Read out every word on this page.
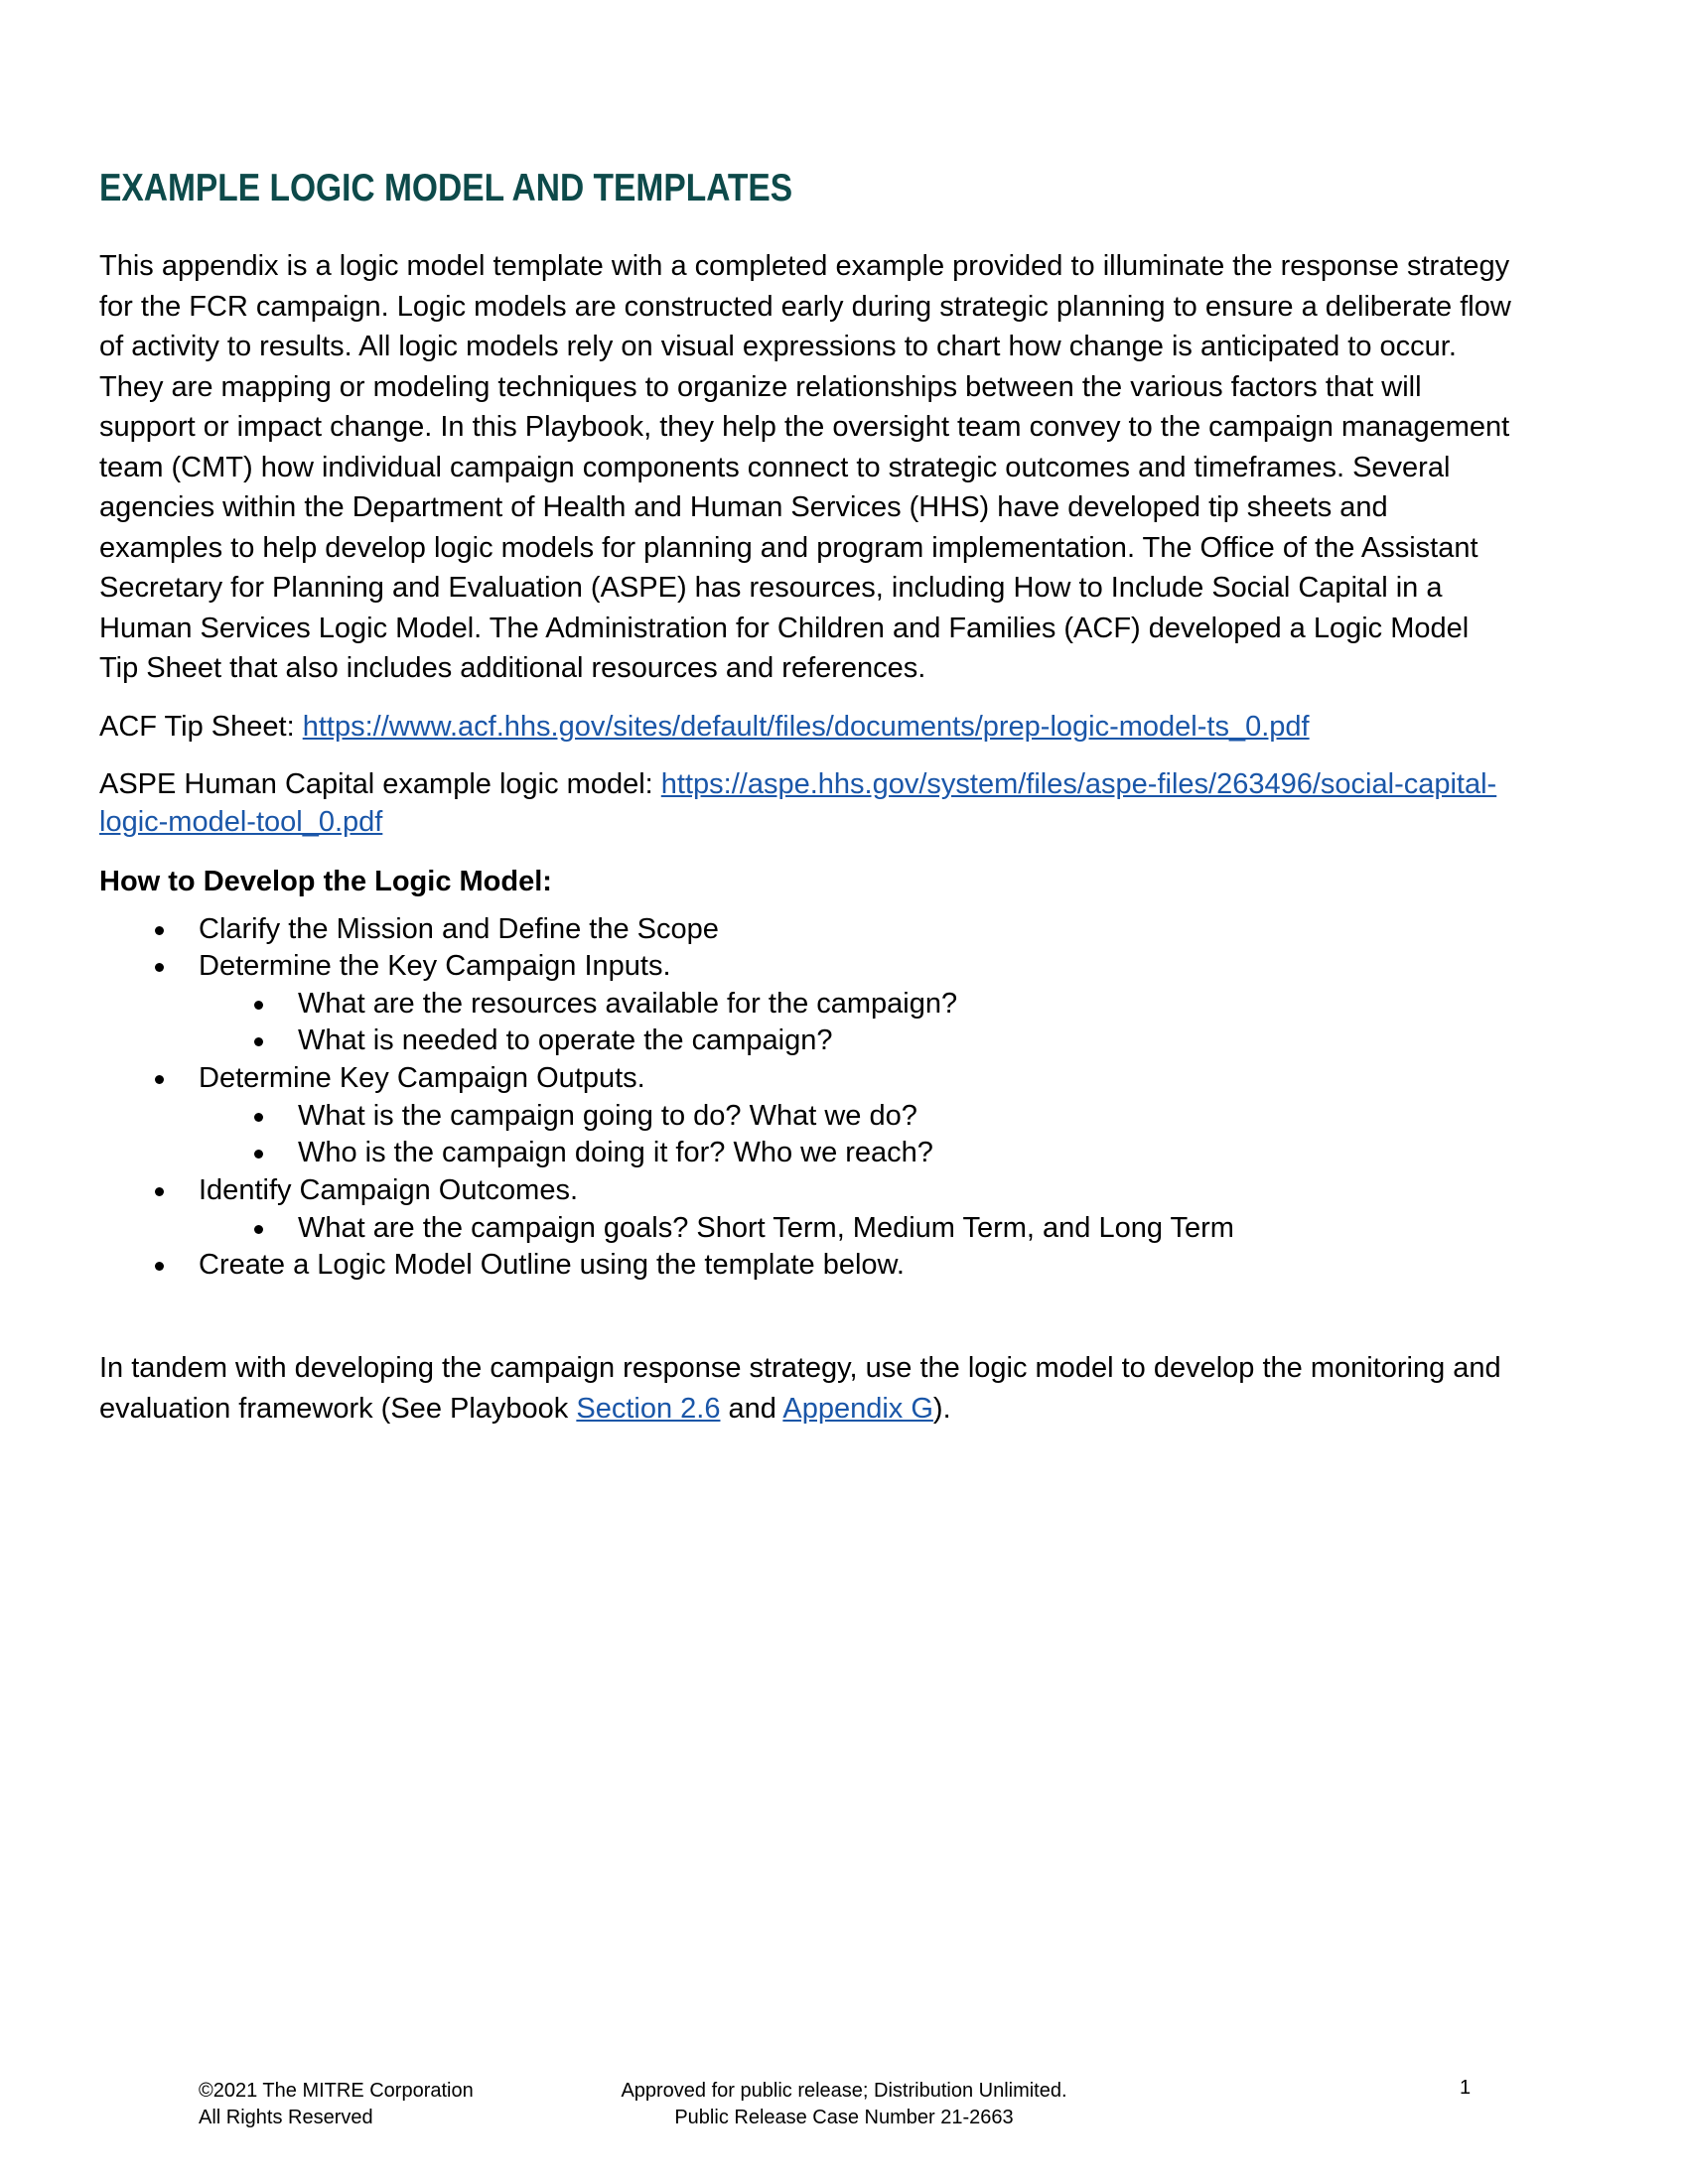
EXAMPLE LOGIC MODEL AND TEMPLATES
This appendix is a logic model template with a completed example provided to illuminate the response strategy
for the FCR campaign. Logic models are constructed early during strategic planning to ensure a deliberate flow
of activity to results. All logic models rely on visual expressions to chart how change is anticipated to occur.
They are mapping or modeling techniques to organize relationships between the various factors that will
support or impact change. In this Playbook, they help the oversight team convey to the campaign management
team (CMT) how individual campaign components connect to strategic outcomes and timeframes. Several
agencies within the Department of Health and Human Services (HHS) have developed tip sheets and
examples to help develop logic models for planning and program implementation. The Office of the Assistant
Secretary for Planning and Evaluation (ASPE) has resources, including How to Include Social Capital in a
Human Services Logic Model. The Administration for Children and Families (ACF) developed a Logic Model
Tip Sheet that also includes additional resources and references.
ACF Tip Sheet: https://www.acf.hhs.gov/sites/default/files/documents/prep-logic-model-ts_0.pdf
ASPE Human Capital example logic model: https://aspe.hhs.gov/system/files/aspe-files/263496/social-capital-
logic-model-tool_0.pdf
How to Develop the Logic Model:
Clarify the Mission and Define the Scope
Determine the Key Campaign Inputs.
What are the resources available for the campaign?
What is needed to operate the campaign?
Determine Key Campaign Outputs.
What is the campaign going to do? What we do?
Who is the campaign doing it for? Who we reach?
Identify Campaign Outcomes.
What are the campaign goals? Short Term, Medium Term, and Long Term
Create a Logic Model Outline using the template below.
In tandem with developing the campaign response strategy, use the logic model to develop the monitoring and
evaluation framework (See Playbook Section 2.6 and Appendix G).
©2021 The MITRE Corporation
All Rights Reserved
Approved for public release; Distribution Unlimited.
Public Release Case Number 21-2663
1
